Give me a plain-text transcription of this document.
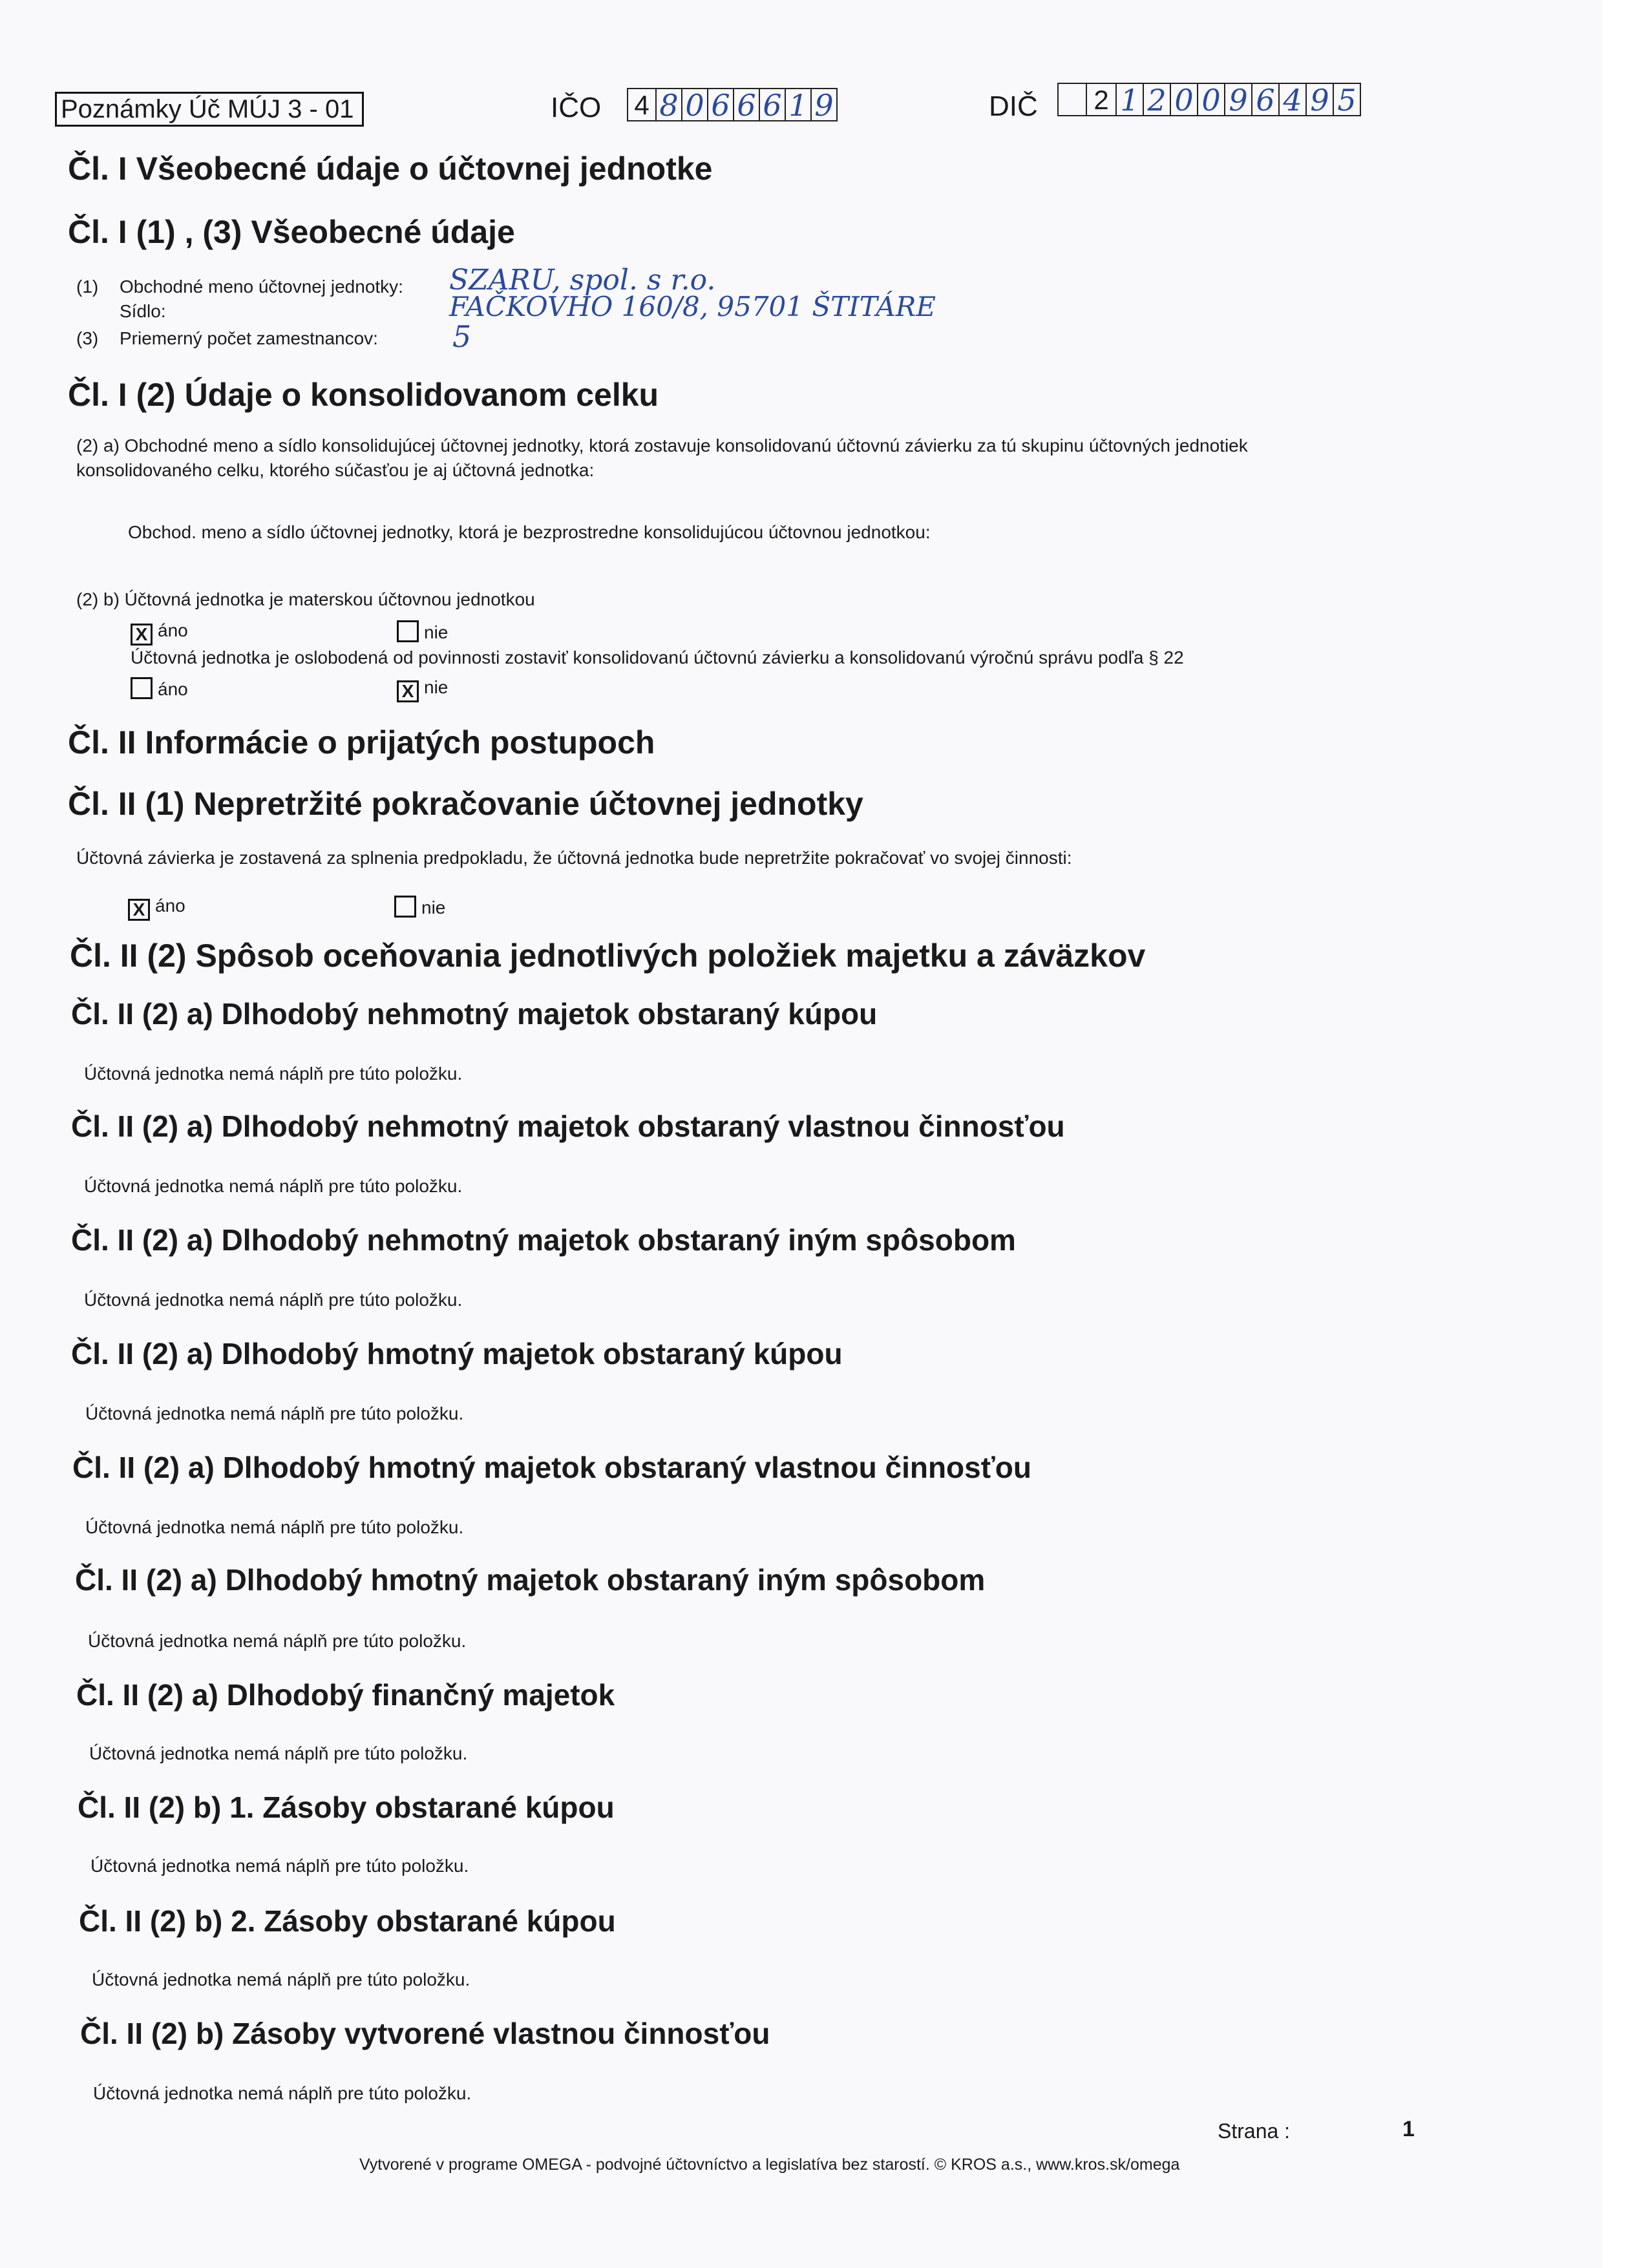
Poznámky Úč MÚJ 3 - 01	IČO 4 8 0 6 6 6 1 9	DIČ 2 1 2 0 0 9 6 4 9 5
Čl. I Všeobecné údaje o účtovnej jednotke
Čl. I (1) , (3) Všeobecné údaje
(1) Obchodné meno účtovnej jednotky: SZARU, spol. s r.o.
Sídlo:	FAČKOVHO 160/8, 95701 ŠTITÁRE
(3) Priemerný počet zamestnancov:	5
Čl. I (2) Údaje o konsolidovanom celku
(2) a) Obchodné meno a sídlo konsolidujúcej účtovnej jednotky, ktorá zostavuje konsolidovanú účtovnú závierku za tú skupinu účtovných jednotiek
konsolidovaného celku, ktorého súčasťou je aj účtovná jednotka:
Obchod. meno a sídlo účtovnej jednotky, ktorá je bezprostredne konsolidujúcou účtovnou jednotkou:
(2) b) Účtovná jednotka je materskou účtovnou jednotkou
X áno	nie
Účtovná jednotka je oslobodená od povinnosti zostaviť konsolidovanú účtovnú závierku a konsolidovanú výročnú správu podľa § 22
áno	X nie
Čl. II Informácie o prijatých postupoch
Čl. II (1) Nepretržité pokračovanie účtovnej jednotky
Účtovná závierka je zostavená za splnenia predpokladu, že účtovná jednotka bude nepretržite pokračovať vo svojej činnosti:
X áno	nie
Čl. II (2) Spôsob oceňovania jednotlivých položiek majetku a záväzkov
Čl. II (2) a) Dlhodobý nehmotný majetok obstaraný kúpou
Účtovná jednotka nemá náplň pre túto položku.
Čl. II (2) a) Dlhodobý nehmotný majetok obstaraný vlastnou činnosťou
Účtovná jednotka nemá náplň pre túto položku.
Čl. II (2) a) Dlhodobý nehmotný majetok obstaraný iným spôsobom
Účtovná jednotka nemá náplň pre túto položku.
Čl. II (2) a) Dlhodobý hmotný majetok obstaraný kúpou
Účtovná jednotka nemá náplň pre túto položku.
Čl. II (2) a) Dlhodobý hmotný majetok obstaraný vlastnou činnosťou
Účtovná jednotka nemá náplň pre túto položku.
Čl. II (2) a) Dlhodobý hmotný majetok obstaraný iným spôsobom
Účtovná jednotka nemá náplň pre túto položku.
Čl. II (2) a) Dlhodobý finančný majetok
Účtovná jednotka nemá náplň pre túto položku.
Čl. II (2) b) 1. Zásoby obstarané kúpou
Účtovná jednotka nemá náplň pre túto položku.
Čl. II (2) b) 2. Zásoby obstarané kúpou
Účtovná jednotka nemá náplň pre túto položku.
Čl. II (2) b) Zásoby vytvorené vlastnou činnosťou
Účtovná jednotka nemá náplň pre túto položku.
Strana :	1
Vytvorené v programe OMEGA - podvojné účtovníctvo a legislatíva bez starostí. © KROS a.s., www.kros.sk/omega
